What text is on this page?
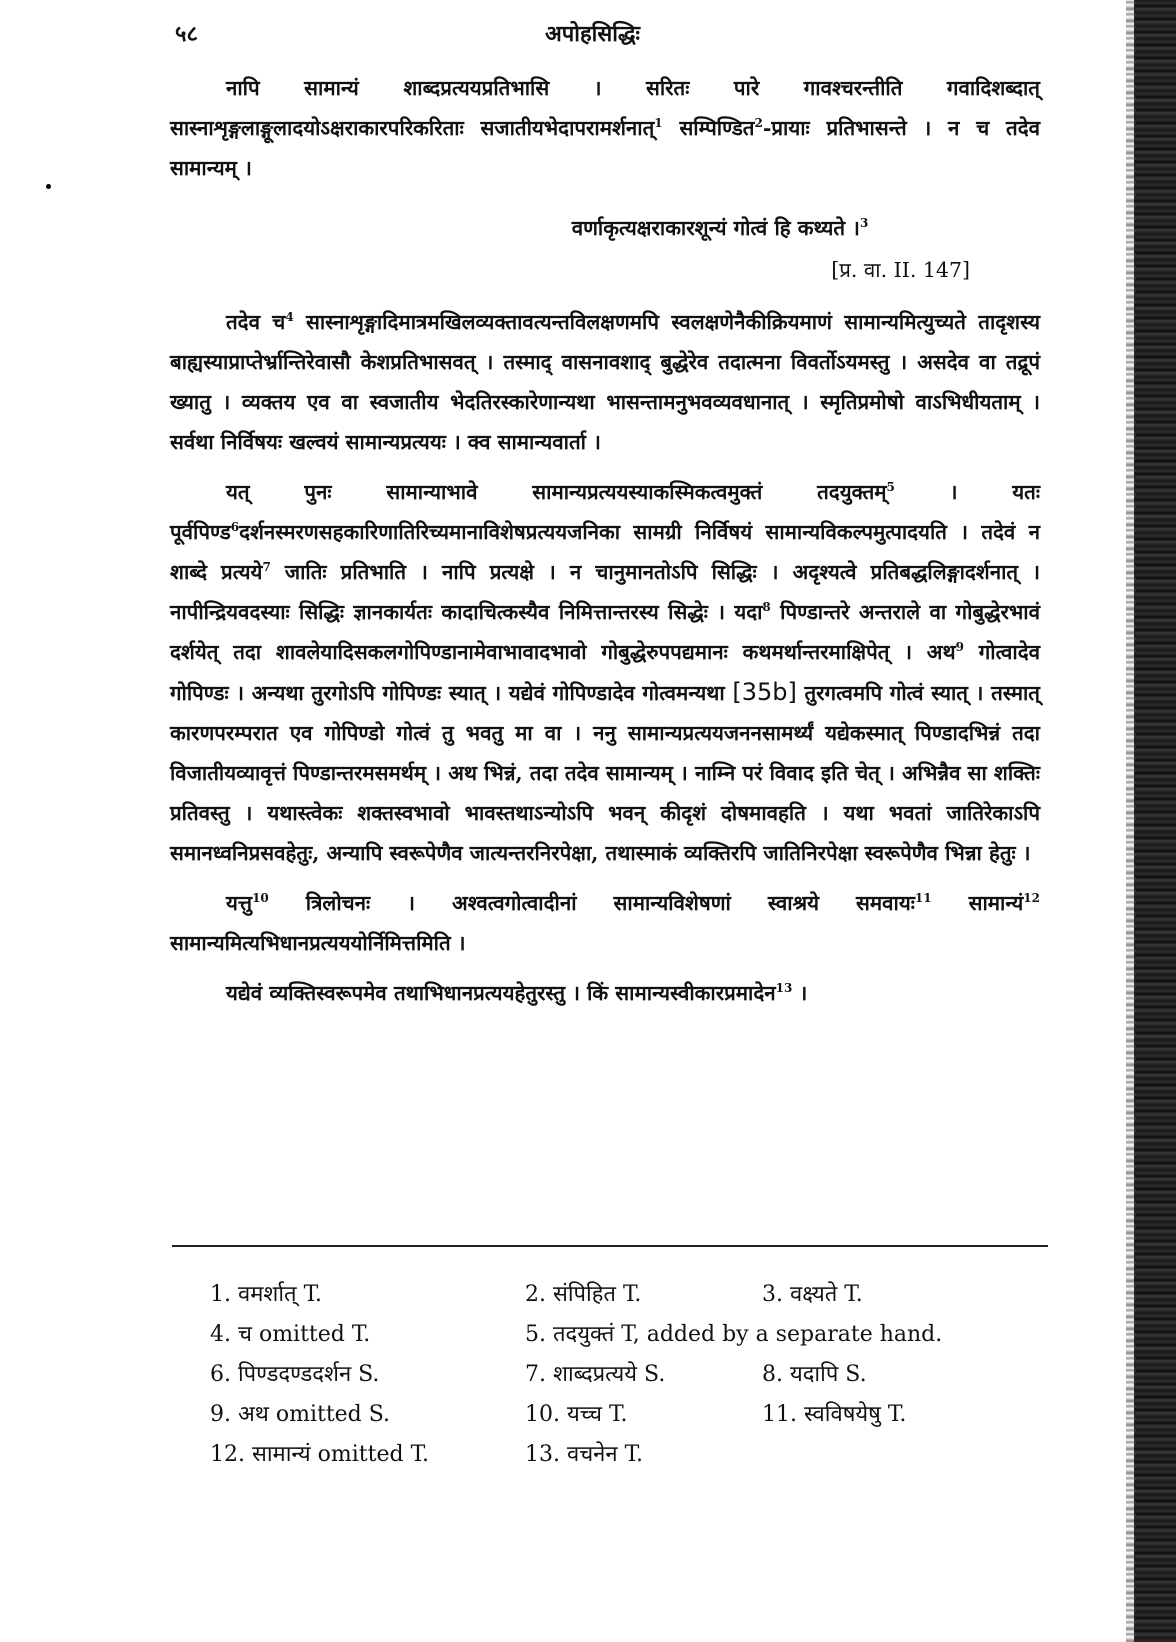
५८	अपोहसिद्धिः

नापि सामान्यं शाब्दप्रत्ययप्रतिभासि । सरितः पारे गावश्चरन्तीति गवादिशब्दात् सास्नाशृङ्गलाङ्गूलादयोऽक्षराकारपरिकरिताः सजातीयभेदापरामर्शनात्$^1$ सम्पिण्डित$^2$-प्रायाः प्रतिभासन्ते । न च तदेव सामान्यम् ।

वर्णाकृत्यक्षराकारशून्यं गोत्वं हि कथ्यते ।$^3$
[प्र. वा. II. 147]

तदेव च$^4$ सास्नाशृङ्गादिमात्रमखिलव्यक्तावत्यन्तविलक्षणमपि स्वलक्षणेनैकीक्रियमाणं सामान्यमित्युच्यते तादृशस्य बाह्यस्याप्राप्तेर्भ्रान्तिरेवासौ केशप्रतिभासवत् । तस्माद् वासनावशाद् बुद्धेरेव तदात्मना विवर्तोऽयमस्तु । असदेव वा तद्रूपं ख्यातु । व्यक्तय एव वा स्वजातीय भेदतिरस्कारेणान्यथा भासन्तामनुभवव्यवधानात् । स्मृतिप्रमोषो वाऽभिधीयताम् । सर्वथा निर्विषयः खल्वयं सामान्यप्रत्ययः । क्व सामान्यवार्ता ।

यत् पुनः सामान्याभावे सामान्यप्रत्ययस्याकस्मिकत्वमुक्तं तदयुक्तम्$^5$ । यतः पूर्वपिण्ड$^6$दर्शनस्मरणसहकारिणातिरिच्यमानाविशेषप्रत्ययजनिका सामग्री निर्विषयं सामान्यविकल्पमुत्पादयति । तदेवं न शाब्दे प्रत्यये$^7$ जातिः प्रतिभाति । नापि प्रत्यक्षे । न चानुमानतोऽपि सिद्धिः । अदृश्यत्वे प्रतिबद्धलिङ्गादर्शनात् । नापीन्द्रियवदस्याः सिद्धिः ज्ञानकार्यतः कादाचित्कस्यैव निमित्तान्तरस्य सिद्धेः । यदा$^8$ पिण्डान्तरे अन्तराले वा गोबुद्धेरभावं दर्शयेत् तदा शावलेयादिसकलगोपिण्डानामेवाभावादभावो गोबुद्धेरुपपद्यमानः कथमर्थान्तरमाक्षिपेत् । अथ$^9$ गोत्वादेव गोपिण्डः । अन्यथा तुरगोऽपि गोपिण्डः स्यात् । यद्येवं गोपिण्डादेव गोत्वमन्यथा [35b] तुरगत्वमपि गोत्वं स्यात् । तस्मात् कारणपरम्परात एव गोपिण्डो गोत्वं तु भवतु मा वा । ननु सामान्यप्रत्ययजननसामर्थ्यं यद्येकस्मात् पिण्डादभिन्नं तदा विजातीयव्यावृत्तं पिण्डान्तरमसमर्थम् । अथ भिन्नं, तदा तदेव सामान्यम् । नाम्नि परं विवाद इति चेत् । अभिन्नैव सा शक्तिः प्रतिवस्तु । यथास्त्वेकः शक्तस्वभावो भावस्तथाऽन्योऽपि भवन् कीदृशं दोषमावहति । यथा भवतां जातिरेकाऽपि समानध्वनिप्रसवहेतुः, अन्यापि स्वरूपेणैव जात्यन्तरनिरपेक्षा, तथास्माकं व्यक्तिरपि जातिनिरपेक्षा स्वरूपेणैव भिन्ना हेतुः ।

यत्तु$^{10}$ त्रिलोचनः । अश्वत्वगोत्वादीनां सामान्यविशेषणां स्वाश्रये समवायः$^{11}$ सामान्यं$^{12}$ सामान्यमित्यभिधानप्रत्यययोर्निमित्तमिति ।

यद्येवं व्यक्तिस्वरूपमेव तथाभिधानप्रत्ययहेतुरस्तु । किं सामान्यस्वीकारप्रमादेन$^{13}$ ।

1. वमर्शात् T.	2. संपिहित T.	3. वक्ष्यते T.
4. च omitted T.	5. तदयुक्तं T, added by a separate hand.
6. पिण्डदण्डदर्शन S.	7. शाब्दप्रत्यये S.	8. यदापि S.
9. अथ omitted S.	10. यच्च T.	11. स्वविषयेषु T.
12. सामान्यं omitted T.	13. वचनेन T.
